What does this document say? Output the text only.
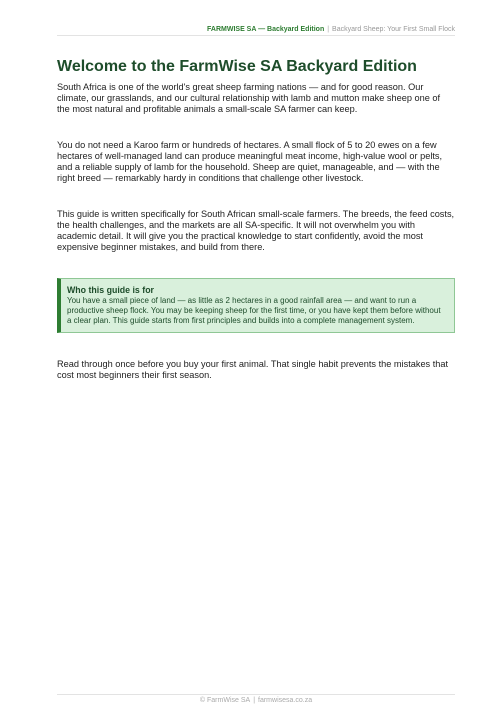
FARMWISE SA — Backyard Edition | Backyard Sheep: Your First Small Flock
Welcome to the FarmWise SA Backyard Edition

South Africa is one of the world's great sheep farming nations — and for good reason. Our climate, our grasslands, and our cultural relationship with lamb and mutton make sheep one of the most natural and profitable animals a small-scale SA farmer can keep.

You do not need a Karoo farm or hundreds of hectares. A small flock of 5 to 20 ewes on a few hectares of well-managed land can produce meaningful meat income, high-value wool or pelts, and a reliable supply of lamb for the household. Sheep are quiet, manageable, and — with the right breed — remarkably hardy in conditions that challenge other livestock.

This guide is written specifically for South African small-scale farmers. The breeds, the feed costs, the health challenges, and the markets are all SA-specific. It will not overwhelm you with academic detail. It will give you the practical knowledge to start confidently, avoid the most expensive beginner mistakes, and build from there.

Who this guide is for

You have a small piece of land — as little as 2 hectares in a good rainfall area — and want to run a productive sheep flock. You may be keeping sheep for the first time, or you have kept them before without a clear plan. This guide starts from first principles and builds into a complete management system.

Read through once before you buy your first animal. That single habit prevents the mistakes that cost most beginners their first season.

© FarmWise SA | farmwisesa.co.za
